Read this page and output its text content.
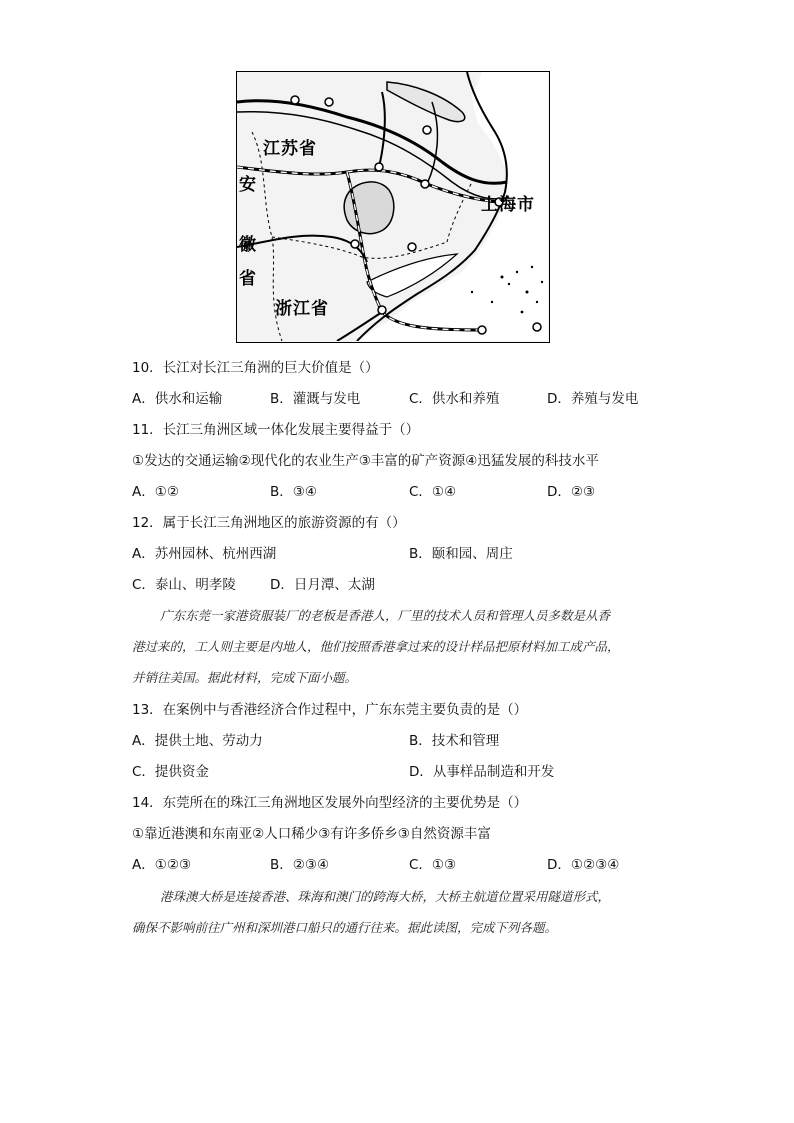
江苏省
上海市
浙江省
安
徽
省
10．长江对长江三角洲的巨大价值是（）
A．供水和运输	B．灌溉与发电	C．供水和养殖	D．养殖与发电
11．长江三角洲区域一体化发展主要得益于（）
①发达的交通运输②现代化的农业生产③丰富的矿产资源④迅猛发展的科技水平
A．①②	B．③④	C．①④	D．②③
12．属于长江三角洲地区的旅游资源的有（）
A．苏州园林、杭州西湖	B．颐和园、周庄
C．泰山、明孝陵	D．日月潭、太湖

广东东莞一家港资服装厂的老板是香港人，厂里的技术人员和管理人员多数是从香

港过来的，工人则主要是内地人，他们按照香港拿过来的设计样品把原材料加工成产品，

并销往美国。据此材料，完成下面小题。

13．在案例中与香港经济合作过程中，广东东莞主要负责的是（）
A．提供土地、劳动力	B．技术和管理
C．提供资金	D．从事样品制造和开发
14．东莞所在的珠江三角洲地区发展外向型经济的主要优势是（）
①靠近港澳和东南亚②人口稀少③有许多侨乡③自然资源丰富
A．①②③	B．②③④	C．①③	D．①②③④

港珠澳大桥是连接香港、珠海和澳门的跨海大桥，大桥主航道位置采用隧道形式，

确保不影响前往广州和深圳港口船只的通行往来。据此读图，完成下列各题。
